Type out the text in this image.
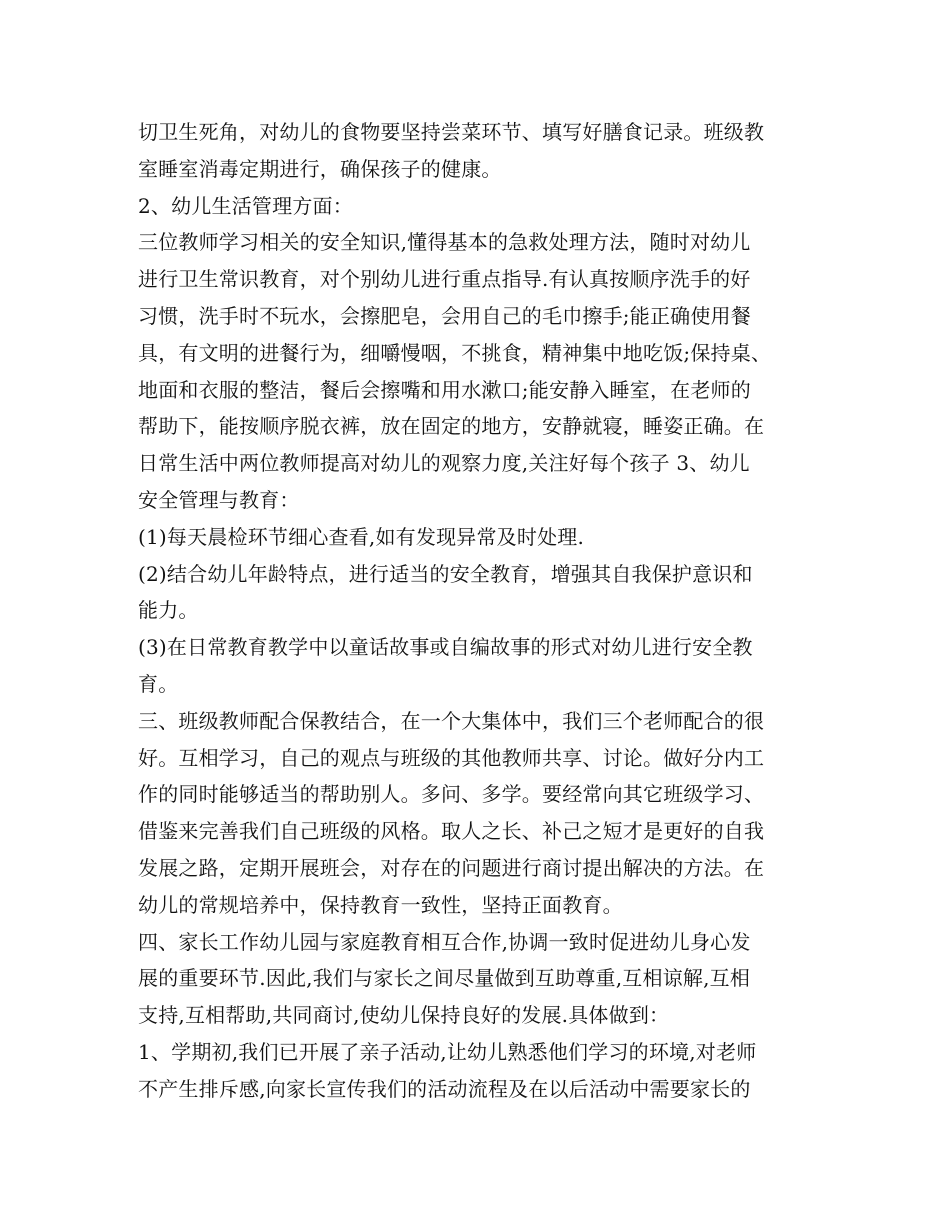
切卫生死角，对幼儿的食物要坚持尝菜环节、填写好膳食记录。班级教
室睡室消毒定期进行，确保孩子的健康。
2、幼儿生活管理方面：
三位教师学习相关的安全知识,懂得基本的急救处理方法，随时对幼儿
进行卫生常识教育，对个别幼儿进行重点指导.有认真按顺序洗手的好
习惯，洗手时不玩水，会擦肥皂，会用自己的毛巾擦手;能正确使用餐
具，有文明的进餐行为，细嚼慢咽，不挑食，精神集中地吃饭;保持桌、
地面和衣服的整洁，餐后会擦嘴和用水漱口;能安静入睡室，在老师的
帮助下，能按顺序脱衣裤，放在固定的地方，安静就寝，睡姿正确。在
日常生活中两位教师提高对幼儿的观察力度,关注好每个孩子 3、幼儿
安全管理与教育：
(1)每天晨检环节细心查看,如有发现异常及时处理.
(2)结合幼儿年龄特点，进行适当的安全教育，增强其自我保护意识和
能力。
(3)在日常教育教学中以童话故事或自编故事的形式对幼儿进行安全教
育。
三、班级教师配合保教结合，在一个大集体中，我们三个老师配合的很
好。互相学习，自己的观点与班级的其他教师共享、讨论。做好分内工
作的同时能够适当的帮助别人。多问、多学。要经常向其它班级学习、
借鉴来完善我们自己班级的风格。取人之长、补己之短才是更好的自我
发展之路，定期开展班会，对存在的问题进行商讨提出解决的方法。在
幼儿的常规培养中，保持教育一致性，坚持正面教育。
四、家长工作幼儿园与家庭教育相互合作,协调一致时促进幼儿身心发
展的重要环节.因此,我们与家长之间尽量做到互助尊重,互相谅解,互相
支持,互相帮助,共同商讨,使幼儿保持良好的发展.具体做到：
1、学期初,我们已开展了亲子活动,让幼儿熟悉他们学习的环境,对老师
不产生排斥感,向家长宣传我们的活动流程及在以后活动中需要家长的
